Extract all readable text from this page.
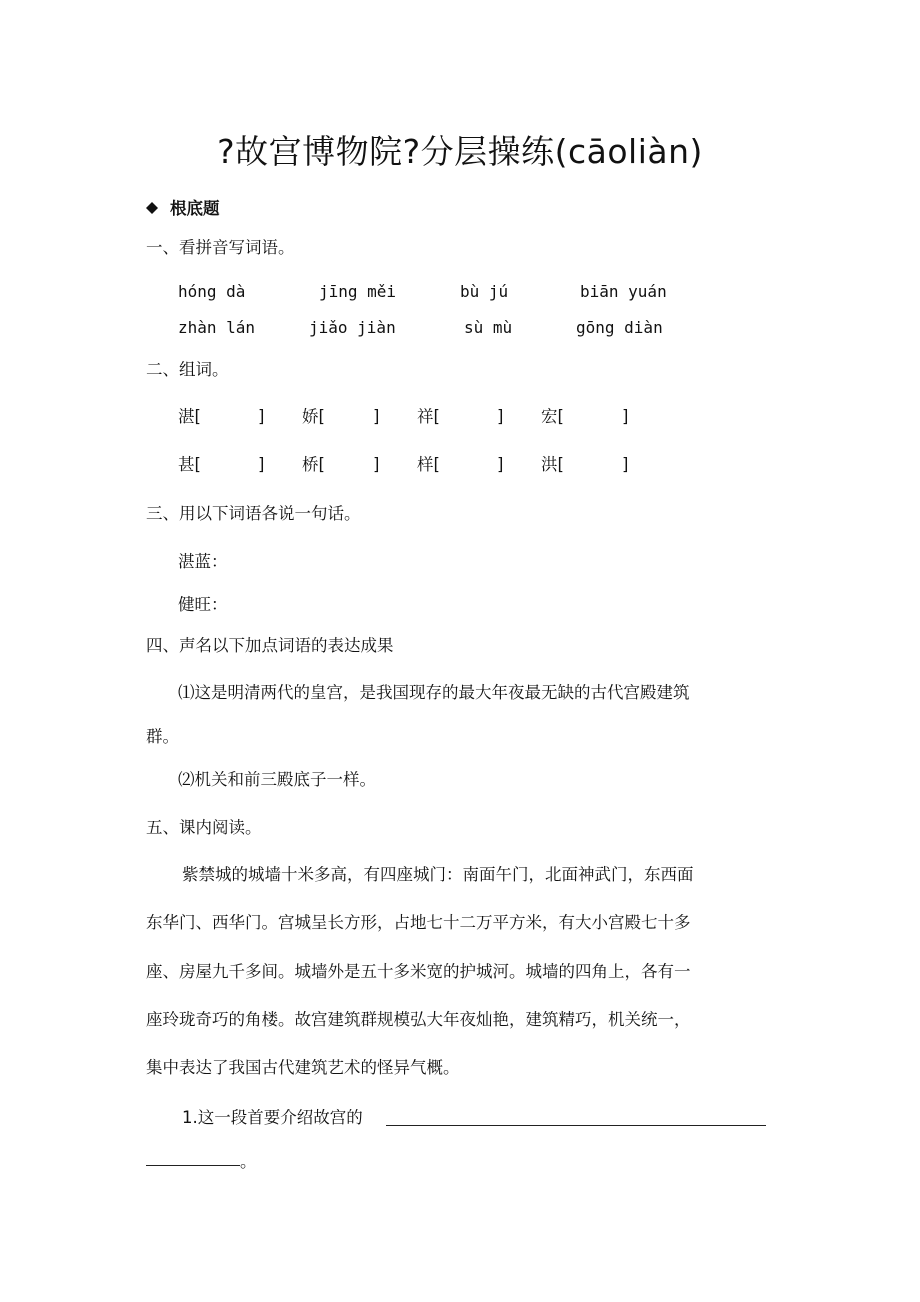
?故宫博物院?分层操练(cāoliàn)
根底题
一、看拼音写词语。
hóng dà	jīng měi	bù jú	biān yuán
zhàn lán	jiǎo jiàn	sù mù	gōng diàn
二、组词。
湛[	] 娇[	] 祥[	] 宏[	]
甚[	] 桥[	] 样[	] 洪[	]
三、用以下词语各说一句话。
湛蓝：
健旺：
四、声名以下加点词语的表达成果
⑴这是明清两代的皇宫，是我国现存的最大年夜最无缺的古代宫殿建筑
群。
⑵机关和前三殿底子一样。
五、课内阅读。
紫禁城的城墙十米多高，有四座城门：南面午门，北面神武门，东西面
东华门、西华门。宫城呈长方形，占地七十二万平方米，有大小宫殿七十多
座、房屋九千多间。城墙外是五十多米宽的护城河。城墙的四角上，各有一
座玲珑奇巧的角楼。故宫建筑群规模弘大年夜灿艳，建筑精巧，机关统一，
集中表达了我国古代建筑艺术的怪异气概。
1.这一段首要介绍故宫的
。
